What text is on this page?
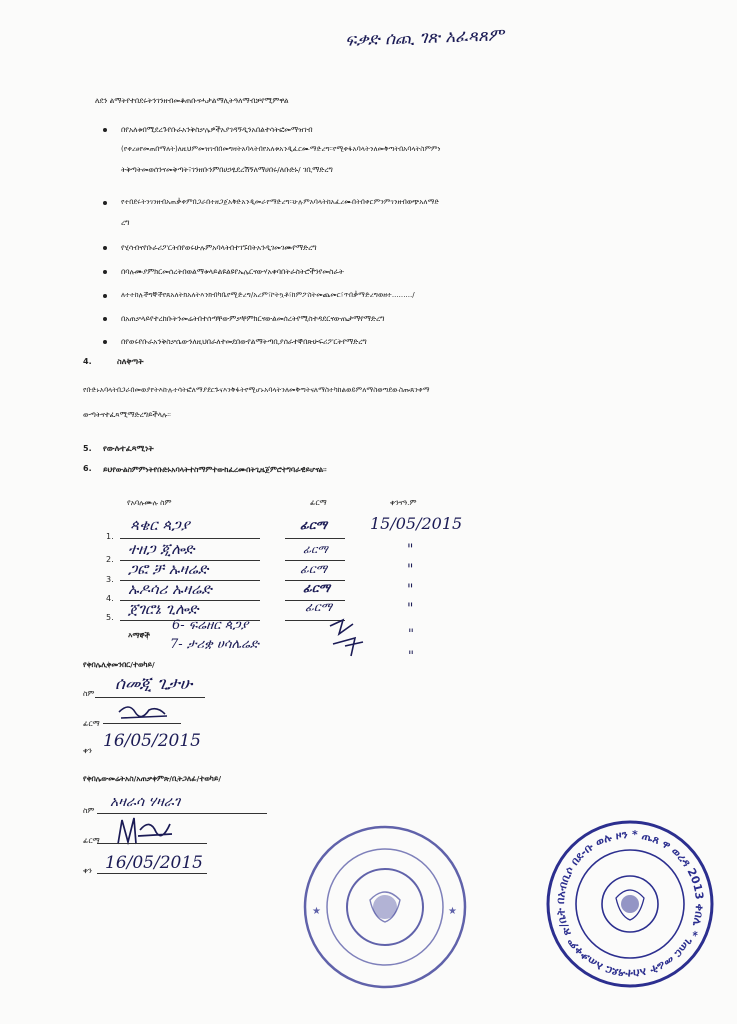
ፍቃድ ሰጪ ገጽ አፈጻጸም
ለደን ልማትየተበደሩትንገንዘብመቆጠቡናሓታልማሊትዓለማብቻየሚምዋል
በየአለቱበሚደረጉየቡራአንቅስቃሌዎችአያገዳኝዲንአበልተሳትፎመማዝገብ
(የቀረፀየመጠበማለት)ለዚህምመዝገብበመግዛትአባላትበየአለቱአንዲፈርሙማድረግ።የሚቀፋአባላትንለመቅጣትበአባላትስምምነ
ትቅጣትመወሰንናመቅጣት፣ገንዘቡንምበሀኃፂደረሽኝለማሀበሩ/ለቡድኑ/ ገቢማድረግ
የተበደሩትንገንዘብአጠቃቀምበጋራበተዘጋጀአቅድአንዲመራየማድረግ።ሁሉምአባላትከአፈረሙበትበቀርምንምገንዘብወጭአለማድ
ረግ
የሂሳብናየቡራሪፖርትበየወሩሁሉምአባላትበተገኙበትአንዲገመገሙየማድረግ
በባሉሙያምክርመሰረትበወልማቱላይልዩልዩየኤሌርናውሃአቀባበትራስትሮችንየመስራት
ለተተከሉችግኞችየጸአለትክአለትእንክብካቤየሚድረግ/አረም፣ኮትኳቶ፣ከምፖስትመጨመር፣ጥበቃማድረግወዘተ........./
በአጠቃላይየተረከቡትንመሬትበተሰጣቸውምቃቸምክርናውልመሰረትየሚስተዳደርናውጤታማየማድረግ
በየወሩየቡራአንቅስቃሴውንለዚህበራለተመደበውየልማትጣቢያሰራተኞበጽሁፍሪፖርትየማድረግ
4.	ስለቅጣት
የቡድኑአባላትበጋራበመወያየትእኩሉተሳትፎለማያደርጉናእንቅፋትየሚሆኑአባላትንለመቅጣትናለማስተካከልወይምለማስወጣደውስጡጸንቀማ
ውጣትናተፈጻሚማድረግይችላሉ።
5. የውሉተፈጻሚነት
6. ይህየውልስምምነትየቡድኑአባላትተስማምተውከፈረሙበትጊዜጀምሮተግባራዊይሆናል።
የአባሉሙሉ ስም	ፊርማ	ቀንናዓ.ም
1.
ጳቄር ጳጋያ	ፊርማ	15/05/2015
2.
ተዘጋ ጂሎድ	ፊርማ	"
3.
ጋፎ ቻ ኡዛሬድ	ፊርማ	"
4.
ኡዶሳሪ ኡዛሬድ	ፊርማ	"
5. ጀገሮኔ ጊሎድ	ፊርማ	"
እማኞች
6- ፍሬዘር ጳጋያ
"
7- ታሪቋ ሀሳሌሬድ
"
የቀበሌሊቀመንበር/ተወካይ/
ስም ሰመጂ ጊታሁ
ፊርማ
ቀን 16/05/2015
የቀበሌውመሬትአስ/አጠቃቀምጽ/ቢትጋለፊ/ተወካይ/
ስም
አዛራሳ ሃዛራገ
ፊርማ
ቀን 16/05/2015
★	★
በአብቢሶ በደ-ቡ ወሉ ዞን * ጤጸ ዋ ወረዳ 2013 ቀበሌ * ገጠር መሬት አስተዳደር አጠቃቀም ጽ/ቤት
